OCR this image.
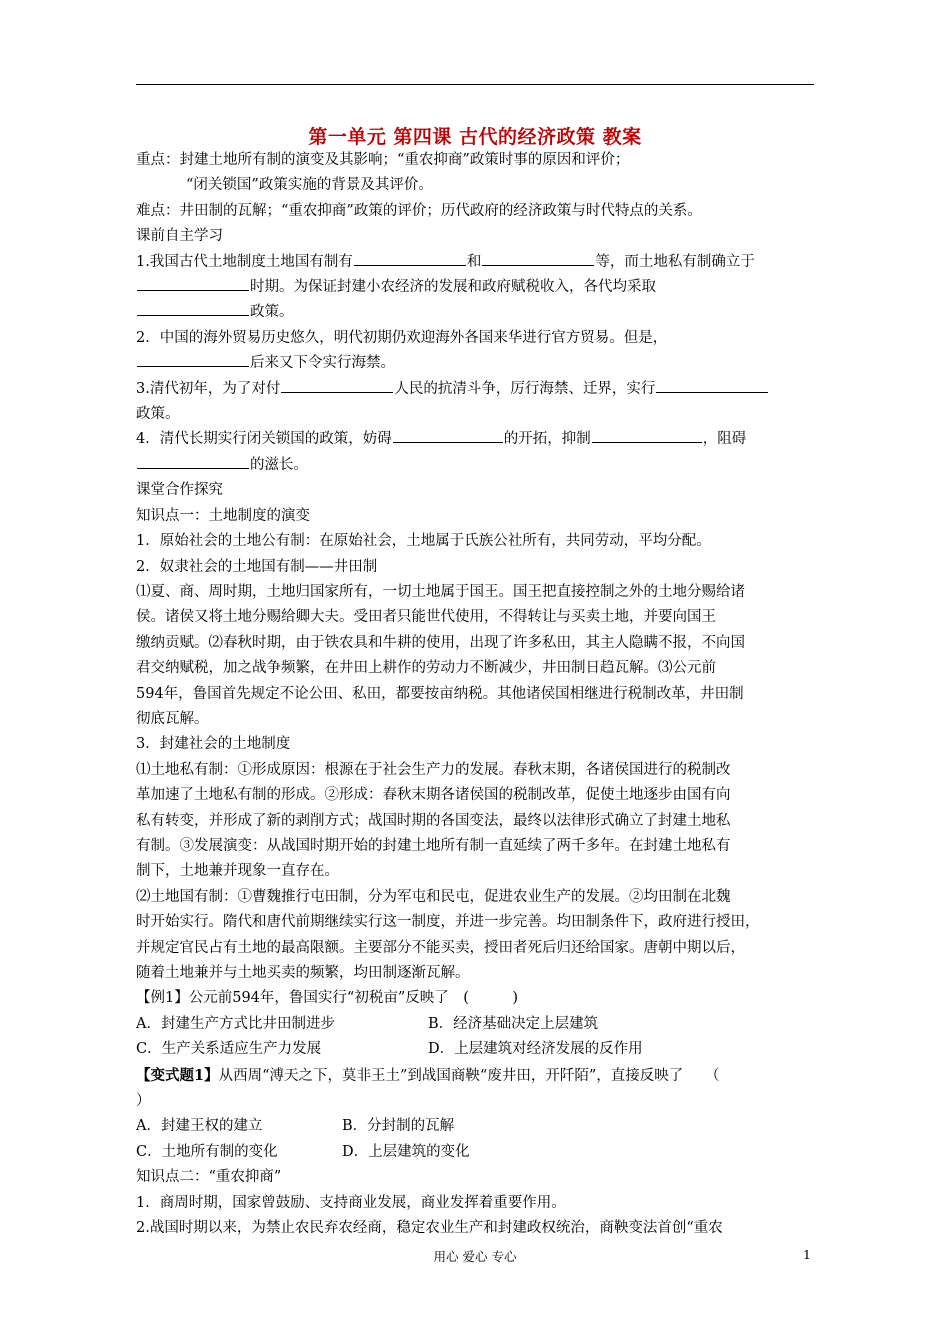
第一单元 第四课 古代的经济政策 教案
重点：封建土地所有制的演变及其影响；“重农抑商”政策时事的原因和评价；
“闭关锁国”政策实施的背景及其评价。
难点：井田制的瓦解；“重农抑商”政策的评价；历代政府的经济政策与时代特点的关系。
课前自主学习
1.我国古代土地制度土地国有制有	和	等，而土地私有制确立于
时期。为保证封建小农经济的发展和政府赋税收入，各代均采取
政策。
2．中国的海外贸易历史悠久，明代初期仍欢迎海外各国来华进行官方贸易。但是，
后来又下令实行海禁。
3.清代初年，为了对付	人民的抗清斗争，厉行海禁、迁界，实行
政策。
4．清代长期实行闭关锁国的政策，妨碍	的开拓，抑制	，阻碍
的滋长。
课堂合作探究
知识点一：土地制度的演变
1．原始社会的土地公有制：在原始社会，土地属于氏族公社所有，共同劳动，平均分配。
2．奴隶社会的土地国有制——井田制
⑴夏、商、周时期，土地归国家所有，一切土地属于国王。国王把直接控制之外的土地分赐给诸
侯。诸侯又将土地分赐给卿大夫。受田者只能世代使用，不得转让与买卖土地，并要向国王
缴纳贡赋。⑵春秋时期，由于铁农具和牛耕的使用，出现了许多私田，其主人隐瞒不报，不向国
君交纳赋税，加之战争频繁，在井田上耕作的劳动力不断减少，井田制日趋瓦解。⑶公元前
594年，鲁国首先规定不论公田、私田，都要按亩纳税。其他诸侯国相继进行税制改革，井田制
彻底瓦解。
3．封建社会的土地制度
⑴土地私有制：①形成原因：根源在于社会生产力的发展。春秋末期，各诸侯国进行的税制改
革加速了土地私有制的形成。②形成：春秋末期各诸侯国的税制改革，促使土地逐步由国有向
私有转变，并形成了新的剥削方式；战国时期的各国变法，最终以法律形式确立了封建土地私
有制。③发展演变：从战国时期开始的封建土地所有制一直延续了两千多年。在封建土地私有
制下，土地兼并现象一直存在。
⑵土地国有制：①曹魏推行屯田制，分为军屯和民屯，促进农业生产的发展。②均田制在北魏
时开始实行。隋代和唐代前期继续实行这一制度，并进一步完善。均田制条件下，政府进行授田，
并规定官民占有土地的最高限额。主要部分不能买卖，授田者死后归还给国家。唐朝中期以后，
随着土地兼并与土地买卖的频繁，均田制逐渐瓦解。
【例1】公元前594年，鲁国实行“初税亩”反映了　(　　　)
A．封建生产方式比井田制进步	B．经济基础决定上层建筑
C．生产关系适应生产力发展	D．上层建筑对经济发展的反作用
【变式题1】从西周“溥天之下，莫非王土”到战国商鞅“废井田，开阡陌”，直接反映了　　（
）
A．封建王权的建立	B．分封制的瓦解
C．土地所有制的变化	D．上层建筑的变化
知识点二：“重农抑商”
1．商周时期，国家曾鼓励、支持商业发展，商业发挥着重要作用。
2.战国时期以来，为禁止农民弃农经商，稳定农业生产和封建政权统治，商鞅变法首创“重农
用心 爱心 专心	1
